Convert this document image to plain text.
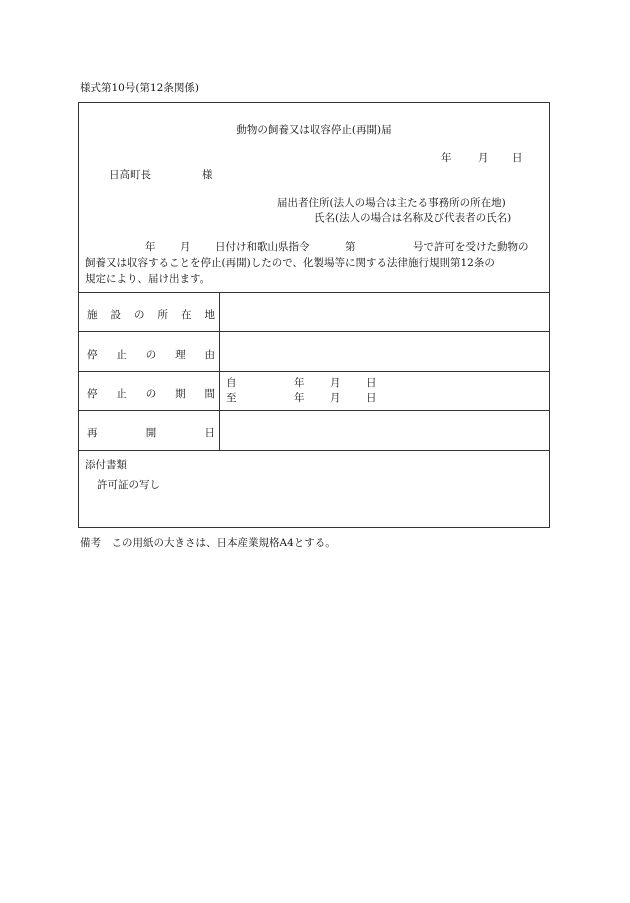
様式第10号(第12条関係)
動物の飼養又は収容停止(再開)届
年	月 日
日高町長	様
届出者住所(法人の場合は主たる事務所の所在地)
氏名(法人の場合は名称及び代表者の氏名)
年 月 日付け和歌山県指令	第	号で許可を受けた動物の
飼養又は収容することを停止(再開)したので、化製場等に関する法律施行規則第12条の
規定により、届け出ます。
施 設 の 所 在 地
停 止 の 理 由
停 止 の 期 間
自	年 月 日
至	年 月 日
再	開	日
添付書類
許可証の写し
備考　この用紙の大きさは、日本産業規格A4とする。
